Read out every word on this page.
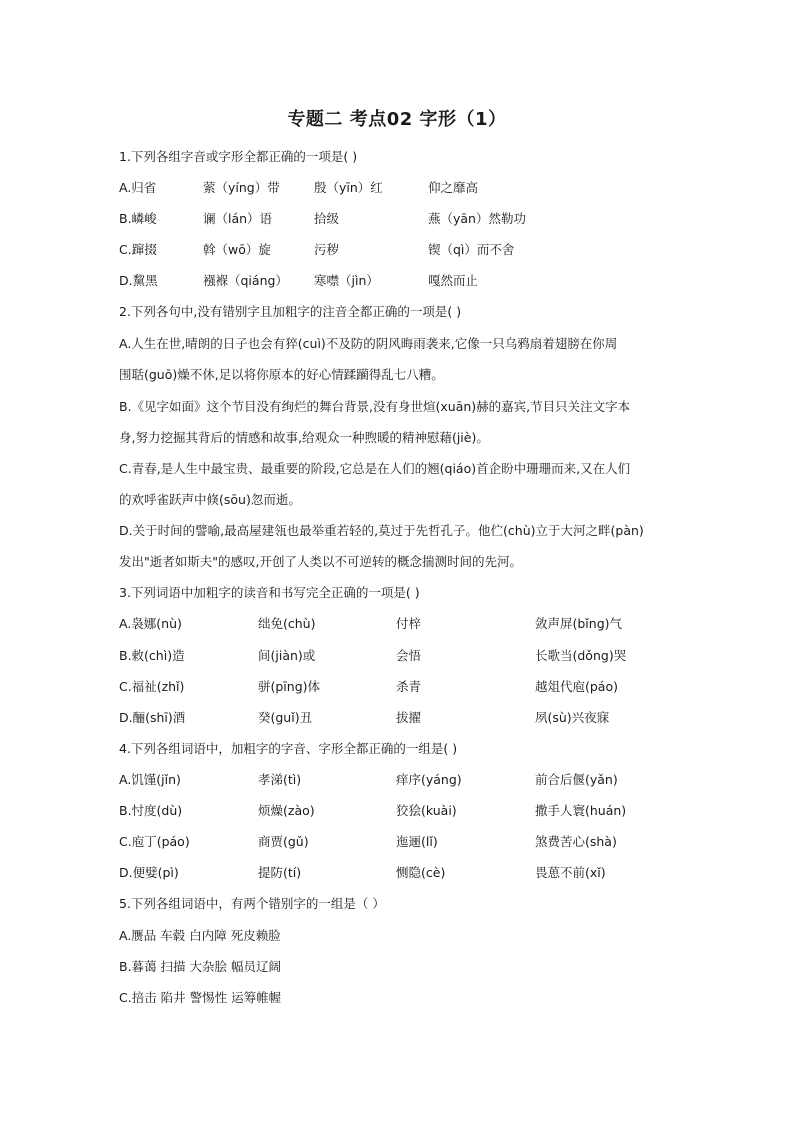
专题二 考点02 字形（1）
1.下列各组字音或字形全都正确的一项是( )
A.归省	萦（yíng）带	殷（yīn）红	仰之靡高
B.嶙峻	谰（lán）语	拾级	燕（yān）然勒功
C.蹿掇	斡（wō）旋	污秽	锲（qì）而不舍
D.黧黑	襁褓（qiáng） 寒噤（jìn）	嘎然而止
2.下列各句中,没有错别字且加粗字的注音全都正确的一项是( )
A.人生在世,晴朗的日子也会有猝(cuì)不及防的阴风晦雨袭来,它像一只乌鸦扇着翅膀在你周
围聒(guō)燥不休,足以将你原本的好心情蹂躏得乱七八糟。
B.《见字如面》这个节目没有绚烂的舞台背景,没有身世煊(xuān)赫的嘉宾,节目只关注文字本
身,努力挖掘其背后的情感和故事,给观众一种煦暖的精神慰藉(jiè)。
C.青春,是人生中最宝贵、最重要的阶段,它总是在人们的翘(qiáo)首企盼中珊珊而来,又在人们
的欢呼雀跃声中倏(sōu)忽而逝。
D.关于时间的譬喻,最高屋建瓴也最举重若轻的,莫过于先哲孔子。他伫(chù)立于大河之畔(pàn)
发出"逝者如斯夫"的感叹,开创了人类以不可逆转的概念揣测时间的先河。
3.下列词语中加粗字的读音和书写完全正确的一项是( )
A.袅娜(nù)	绌免(chù)	付梓	敛声屏(bǐng)气
B.敕(chì)造	间(jiàn)或	会悟	长歌当(dǒng)哭
C.福祉(zhǐ)	骈(pīng)体	杀青	越俎代庖(páo)
D.酾(shī)酒	癸(guǐ)丑	拔擢	夙(sù)兴夜寐
4.下列各组词语中，加粗字的字音、字形全都正确的一组是( )
A.饥馑(jǐn)	孝涕(tì)	痒序(yáng)	前合后偃(yǎn)
B.忖度(dù)	烦燥(zào)	狡狯(kuài)	撒手人寰(huán)
C.庖丁(páo)	商贾(gǔ)	迤逦(lǐ)	煞费苦心(shà)
D.便嬖(pì)	提防(tí)	恻隐(cè)	畏葸不前(xǐ)
5.下列各组词语中，有两个错别字的一组是（ ）
A.赝品 车毂 白内障 死皮赖脸
B.暮蔼 扫描 大杂脍 幅员辽阔
C.掊击 陷井 警惕性 运筹帷幄
